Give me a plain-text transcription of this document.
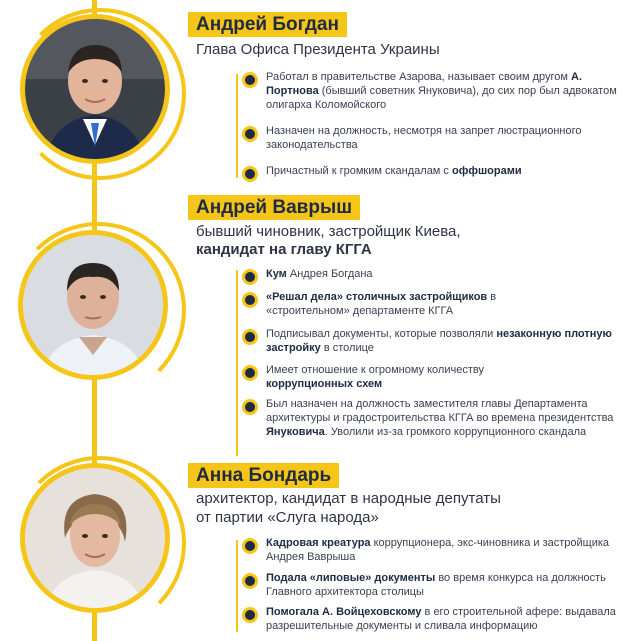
Андрей Богдан

Глава Офиса Президента Украины

Работал в правительстве Азарова, называет своим другом А. Портнова (бывший советник Януковича), до сих пор был адвокатом олигарха Коломойского
Назначен на должность, несмотря на запрет люстрационного законодательства
Причастный к громким скандалам с оффшорами
Андрей Ваврыш

бывший чиновник, застройщик Киева,

кандидат на главу КГГА

Кум Андрея Богдана
«Решал дела» столичных застройщиков в «строительном» департаменте КГГА
Подписывал документы, которые позволяли незаконную плотную застройку в столице
Имеет отношение к огромному количеству коррупционных схем
Был назначен на должность заместителя главы Департамента архитектуры и градостроительства КГГА во времена президентства Януковича. Уволили из-за громкого коррупционного скандала
Анна Бондарь

архитектор, кандидат в народные депутаты

от партии «Слуга народа»

Кадровая креатура коррупционера, экс-чиновника и застройщика Андрея Ваврыша
Подала «липовые» документы во время конкурса на должность Главного архитектора столицы
Помогала А. Войцеховскому в его строительной афере: выдавала разрешительные документы и сливала информацию
